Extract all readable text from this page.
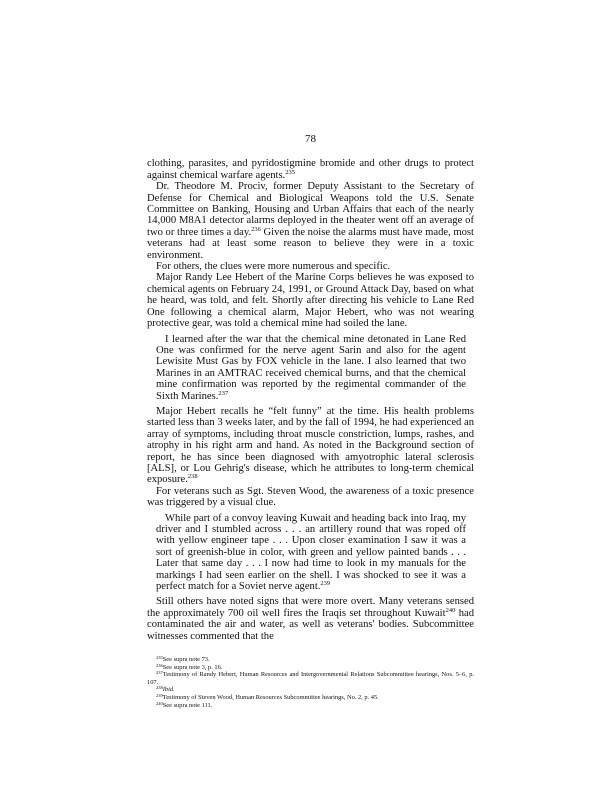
78

clothing, parasites, and pyridostigmine bromide and other drugs to protect against chemical warfare agents.$^{235}$

Dr. Theodore M. Prociv, former Deputy Assistant to the Secretary of Defense for Chemical and Biological Weapons told the U.S. Senate Committee on Banking, Housing and Urban Affairs that each of the nearly 14,000 M8A1 detector alarms deployed in the theater went off an average of two or three times a day.$^{236}$ Given the noise the alarms must have made, most veterans had at least some reason to believe they were in a toxic environment.

For others, the clues were more numerous and specific.

Major Randy Lee Hebert of the Marine Corps believes he was exposed to chemical agents on February 24, 1991, or Ground Attack Day, based on what he heard, was told, and felt. Shortly after directing his vehicle to Lane Red One following a chemical alarm, Major Hebert, who was not wearing protective gear, was told a chemical mine had soiled the lane.

I learned after the war that the chemical mine detonated in Lane Red One was confirmed for the nerve agent Sarin and also for the agent Lewisite Must Gas by FOX vehicle in the lane. I also learned that two Marines in an AMTRAC received chemical burns, and that the chemical mine confirmation was reported by the regimental commander of the Sixth Marines.$^{237}$

Major Hebert recalls he “felt funny” at the time. His health problems started less than 3 weeks later, and by the fall of 1994, he had experienced an array of symptoms, including throat muscle constriction, lumps, rashes, and atrophy in his right arm and hand. As noted in the Background section of report, he has since been diagnosed with amyotrophic lateral sclerosis [ALS], or Lou Gehrig's disease, which he attributes to long-term chemical exposure.$^{238}$

For veterans such as Sgt. Steven Wood, the awareness of a toxic presence was triggered by a visual clue.

While part of a convoy leaving Kuwait and heading back into Iraq, my driver and I stumbled across . . . an artillery round that was roped off with yellow engineer tape . . . Upon closer examination I saw it was a sort of greenish-blue in color, with green and yellow painted bands . . . Later that same day . . . I now had time to look in my manuals for the markings I had seen earlier on the shell. I was shocked to see it was a perfect match for a Soviet nerve agent.$^{239}$

Still others have noted signs that were more overt. Many veterans sensed the approximately 700 oil well fires the Iraqis set throughout Kuwait$^{240}$ had contaminated the air and water, as well as veterans' bodies. Subcommittee witnesses commented that the

$^{235}$See supra note 73.

$^{236}$See supra note 3, p. 16.

$^{237}$Testimony of Randy Hebert, Human Resources and Intergovernmental Relations Subcommittee hearings, Nos. 5–6, p. 107.

$^{238}$Ibid.

$^{239}$Testimony of Steven Wood, Human Resources Subcommittee hearings, No. 2, p. 45.

$^{240}$See supra note 111.
